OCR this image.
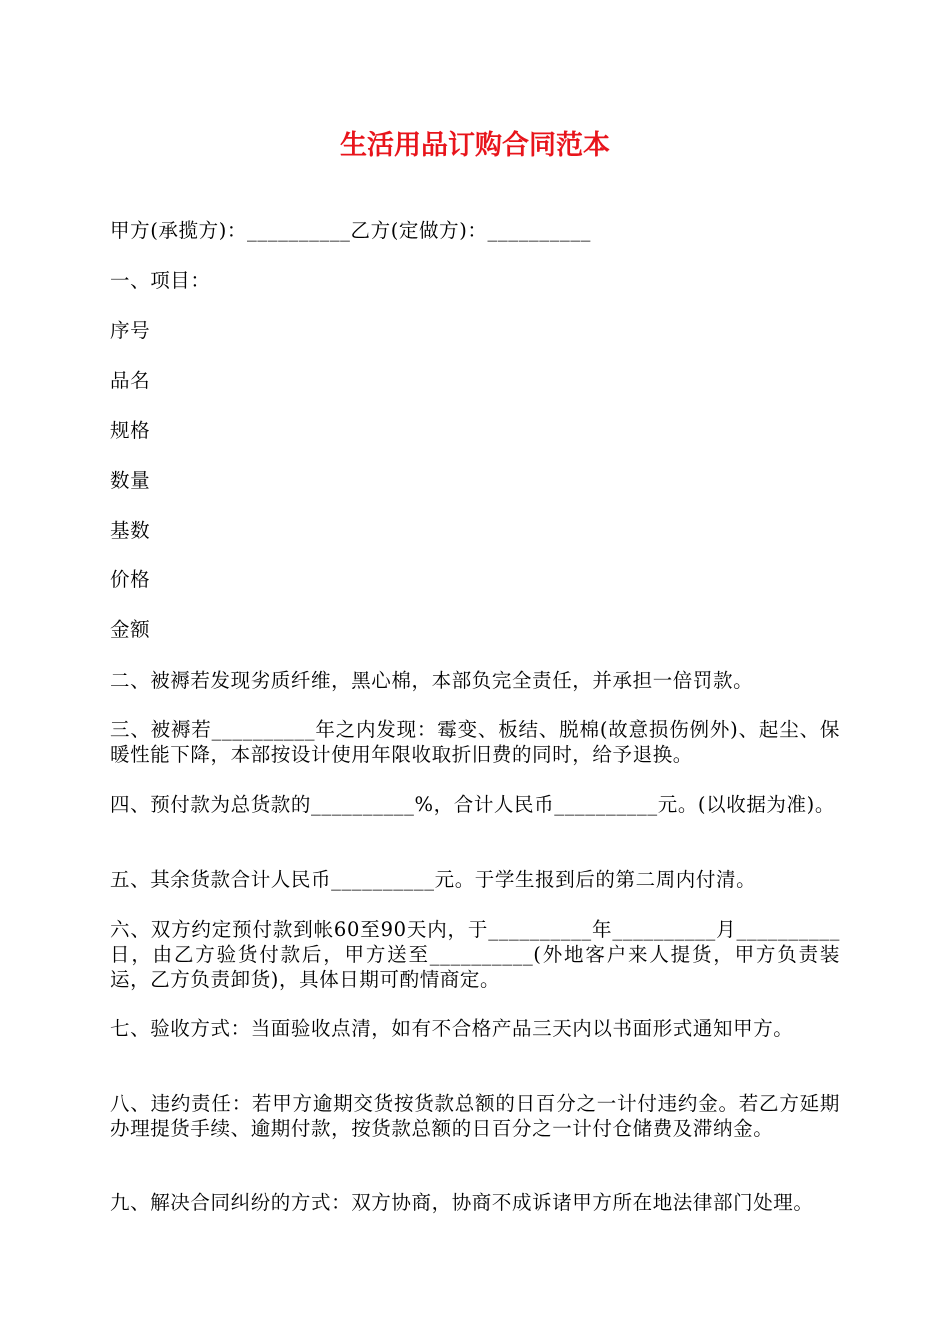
生活用品订购合同范本

甲方(承揽方)：__________乙方(定做方)：__________

一、项目：

序号

品名

规格

数量

基数

价格

金额

二、被褥若发现劣质纤维，黑心棉，本部负完全责任，并承担一倍罚款。

三、被褥若__________年之内发现：霉变、板结、脱棉(故意损伤例外)、起尘、保暖性能下降，本部按设计使用年限收取折旧费的同时，给予退换。

四、预付款为总货款的__________%，合计人民币__________元。(以收据为准)。

五、其余货款合计人民币__________元。于学生报到后的第二周内付清。

六、双方约定预付款到帐60至90天内，于__________年__________月__________日，由乙方验货付款后，甲方送至__________(外地客户来人提货，甲方负责装运，乙方负责卸货)，具体日期可酌情商定。

七、验收方式：当面验收点清，如有不合格产品三天内以书面形式通知甲方。

八、违约责任：若甲方逾期交货按货款总额的日百分之一计付违约金。若乙方延期办理提货手续、逾期付款，按货款总额的日百分之一计付仓储费及滞纳金。

九、解决合同纠纷的方式：双方协商，协商不成诉诸甲方所在地法律部门处理。
